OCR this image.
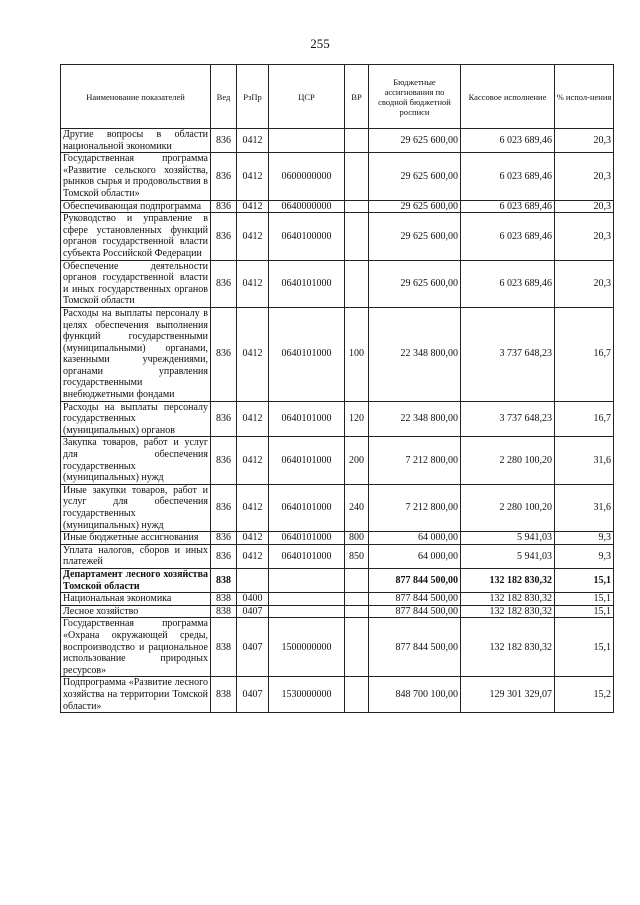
255
Наименование показателей	Вед	РзПр	ЦСР	ВР	Бюджетные ассигнования по сводной бюджетной росписи	Кассовое исполнение	% испол-нения
Другие вопросы в области национальной экономики	836	0412			29 625 600,00	6 023 689,46	20,3
Государственная программа «Развитие сельского хозяйства, рынков сырья и продовольствия в Томской области»	836	0412	0600000000		29 625 600,00	6 023 689,46	20,3
Обеспечивающая подпрограмма	836	0412	0640000000		29 625 600,00	6 023 689,46	20,3
Руководство и управление в сфере установленных функций органов государственной власти субъекта Российской Федерации	836	0412	0640100000		29 625 600,00	6 023 689,46	20,3
Обеспечение деятельности органов государственной власти и иных государственных органов Томской области	836	0412	0640101000		29 625 600,00	6 023 689,46	20,3
Расходы на выплаты персоналу в целях обеспечения выполнения функций государственными (муниципальными) органами, казенными учреждениями, органами управления государственными внебюджетными фондами	836	0412	0640101000	100	22 348 800,00	3 737 648,23	16,7
Расходы на выплаты персоналу государственных (муниципальных) органов	836	0412	0640101000	120	22 348 800,00	3 737 648,23	16,7
Закупка товаров, работ и услуг для обеспечения государственных (муниципальных) нужд	836	0412	0640101000	200	7 212 800,00	2 280 100,20	31,6
Иные закупки товаров, работ и услуг для обеспечения государственных (муниципальных) нужд	836	0412	0640101000	240	7 212 800,00	2 280 100,20	31,6
Иные бюджетные ассигнования	836	0412	0640101000	800	64 000,00	5 941,03	9,3
Уплата налогов, сборов и иных платежей	836	0412	0640101000	850	64 000,00	5 941,03	9,3
Департамент лесного хозяйства Томской области	838				877 844 500,00	132 182 830,32	15,1
Национальная экономика	838	0400			877 844 500,00	132 182 830,32	15,1
Лесное хозяйство	838	0407			877 844 500,00	132 182 830,32	15,1
Государственная программа «Охрана окружающей среды, воспроизводство и рациональное использование природных ресурсов»	838	0407	1500000000		877 844 500,00	132 182 830,32	15,1
Подпрограмма «Развитие лесного хозяйства на территории Томской области»	838	0407	1530000000		848 700 100,00	129 301 329,07	15,2
